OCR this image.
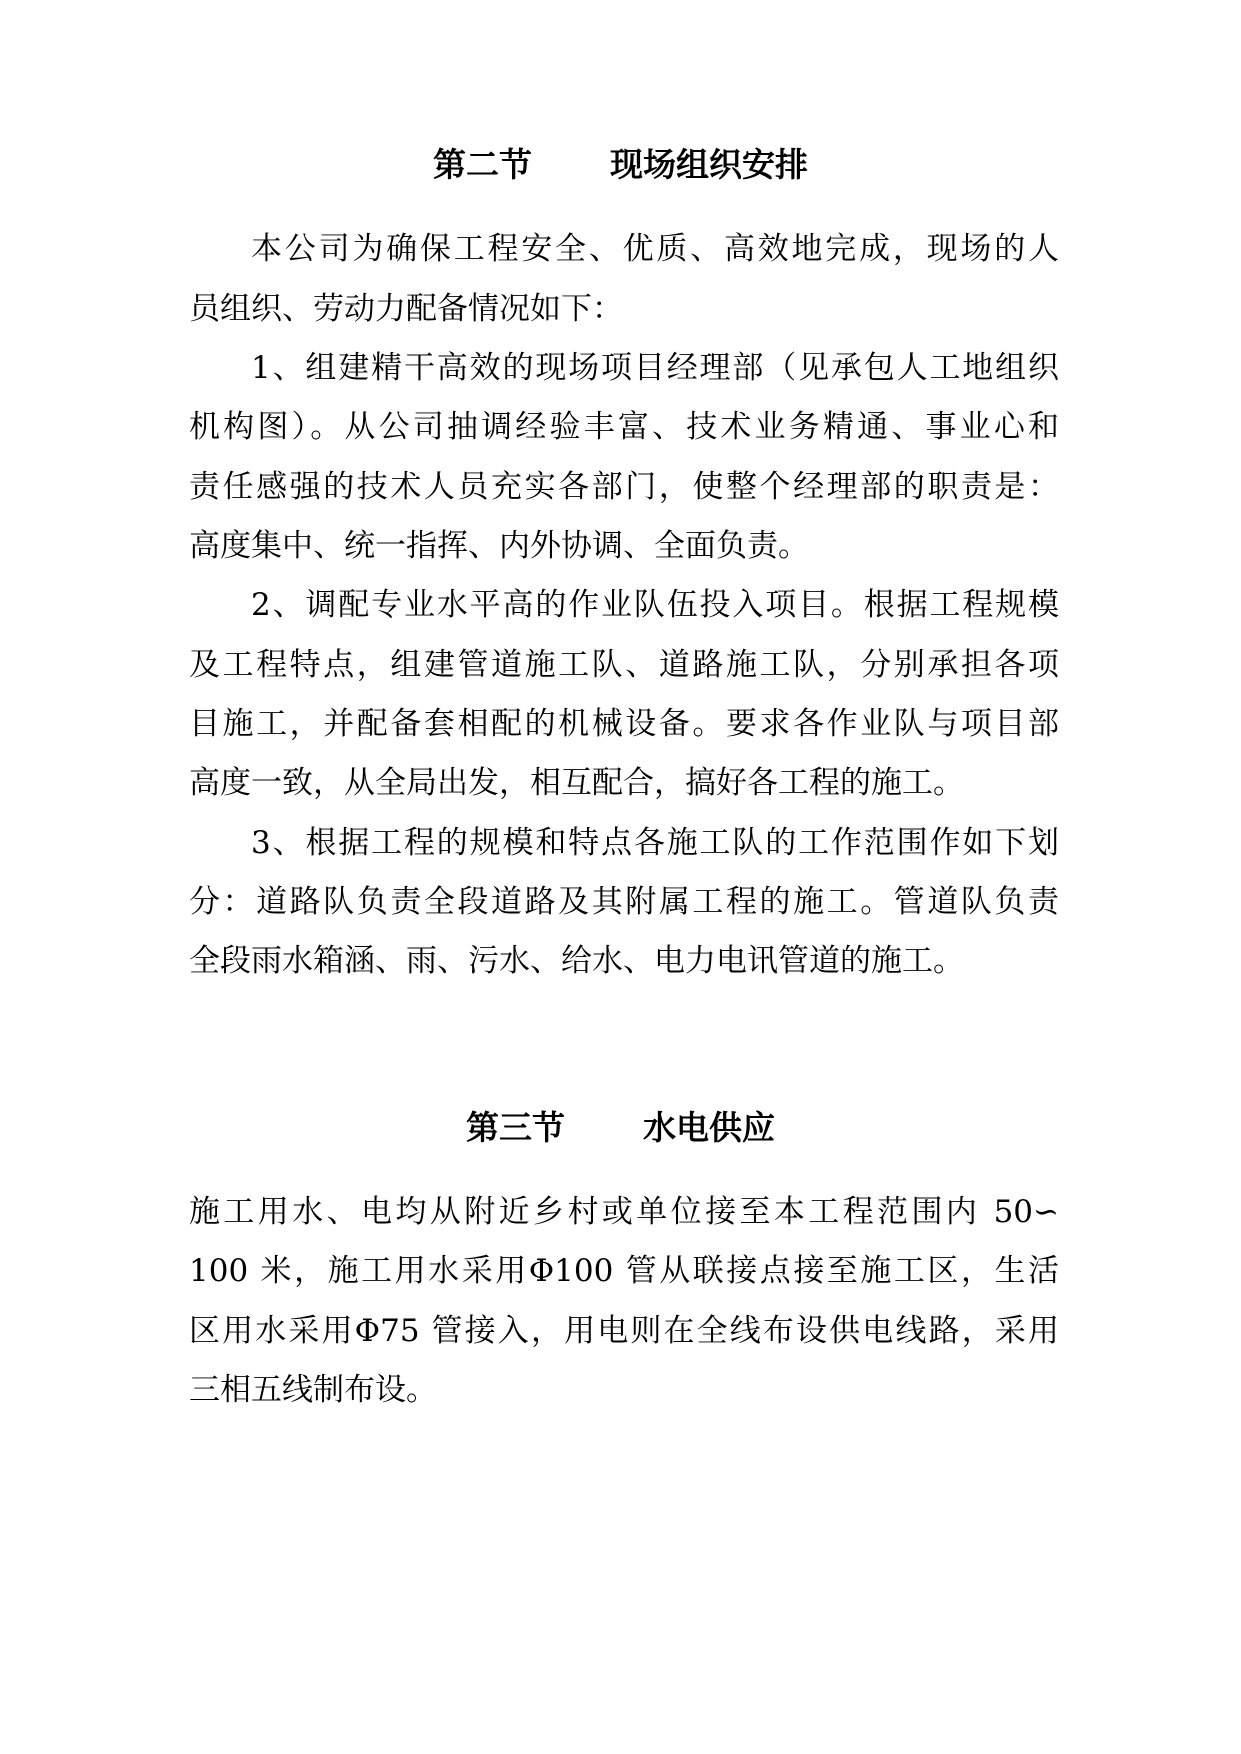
第二节 现场组织安排
本公司为确保工程安全、优质、高效地完成，现场的人
员组织、劳动力配备情况如下：
1、组建精干高效的现场项目经理部（见承包人工地组织
机构图）。从公司抽调经验丰富、技术业务精通、事业心和
责任感强的技术人员充实各部门，使整个经理部的职责是：
高度集中、统一指挥、内外协调、全面负责。
2、调配专业水平高的作业队伍投入项目。根据工程规模
及工程特点，组建管道施工队、道路施工队，分别承担各项
目施工，并配备套相配的机械设备。要求各作业队与项目部
高度一致，从全局出发，相互配合，搞好各工程的施工。
3、根据工程的规模和特点各施工队的工作范围作如下划
分：道路队负责全段道路及其附属工程的施工。管道队负责
全段雨水箱涵、雨、污水、给水、电力电讯管道的施工。
第三节 水电供应
施工用水、电均从附近乡村或单位接至本工程范围内 50∽
100 米，施工用水采用Φ100 管从联接点接至施工区，生活
区用水采用Φ75 管接入，用电则在全线布设供电线路，采用
三相五线制布设。
